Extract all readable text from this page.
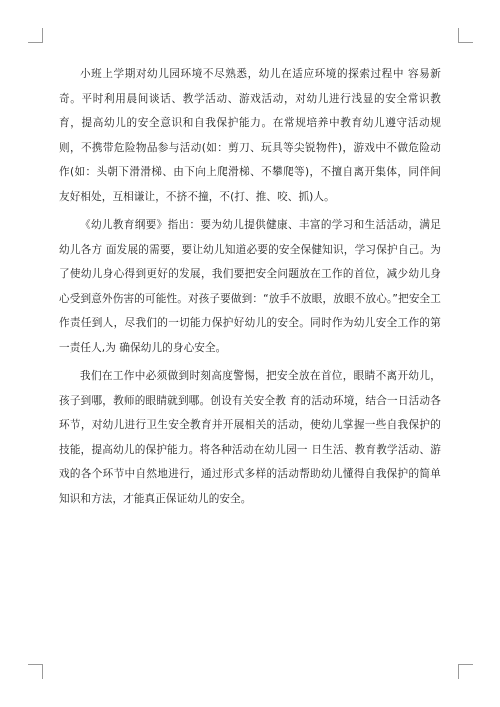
小班上学期对幼儿园环境不尽熟悉，幼儿在适应环境的探索过程中 容易新奇。平时利用晨间谈话、教学活动、游戏活动，对幼儿进行浅显的安全常识教育，提高幼儿的安全意识和自我保护能力。在常规培养中教育幼儿遵守活动规 则，不携带危险物品参与活动(如：剪刀、玩具等尖锐物件)，游戏中不做危险动作(如：头朝下滑滑梯、由下向上爬滑梯、不攀爬等)，不擅自离开集体，同伴间 友好相处，互相谦让，不挤不撞，不(打、推、咬、抓)人。

《幼儿教育纲要》指出：要为幼儿提供健康、丰富的学习和生活活动，满足幼儿各方 面发展的需要，要让幼儿知道必要的安全保健知识，学习保护自己。为了使幼儿身心得到更好的发展，我们要把安全问题放在工作的首位，减少幼儿身心受到意外伤害的可能性。对孩子要做到：“放手不放眼，放眼不放心。”把安全工作责任到人，尽我们的一切能力保护好幼儿的安全。同时作为幼儿安全工作的第一责任人,为 确保幼儿的身心安全。

我们在工作中必须做到时刻高度警惕，把安全放在首位，眼睛不离开幼儿，孩子到哪，教师的眼睛就到哪。创设有关安全教 育的活动环境，结合一日活动各环节，对幼儿进行卫生安全教育并开展相关的活动，使幼儿掌握一些自我保护的技能，提高幼儿的保护能力。将各种活动在幼儿园一 日生活、教育教学活动、游戏的各个环节中自然地进行，通过形式多样的活动帮助幼儿懂得自我保护的简单知识和方法，才能真正保证幼儿的安全。
